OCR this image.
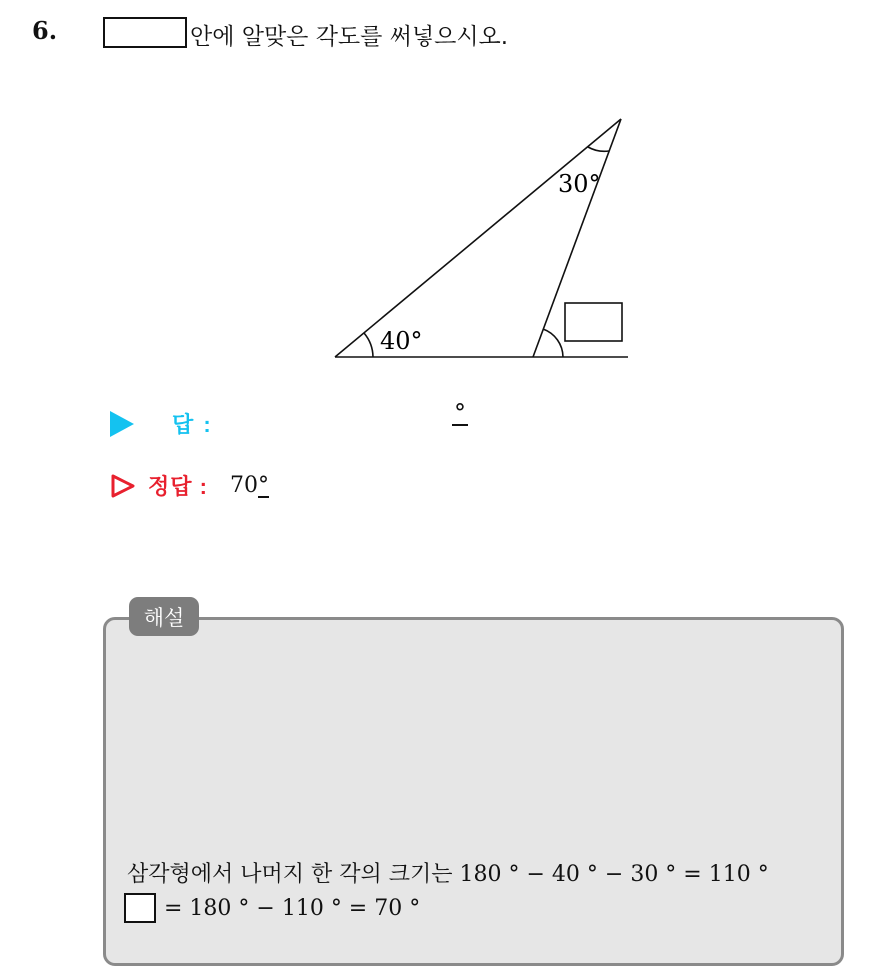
6.	안에 알맞은 각도를 써넣으시오.
40°
30°
답 :	°
정답 : 70°
해설
삼각형에서 나머지 한 각의 크기는 180 ° − 40 ° − 30 ° = 110 °
= 180 ° − 110 ° = 70 °
